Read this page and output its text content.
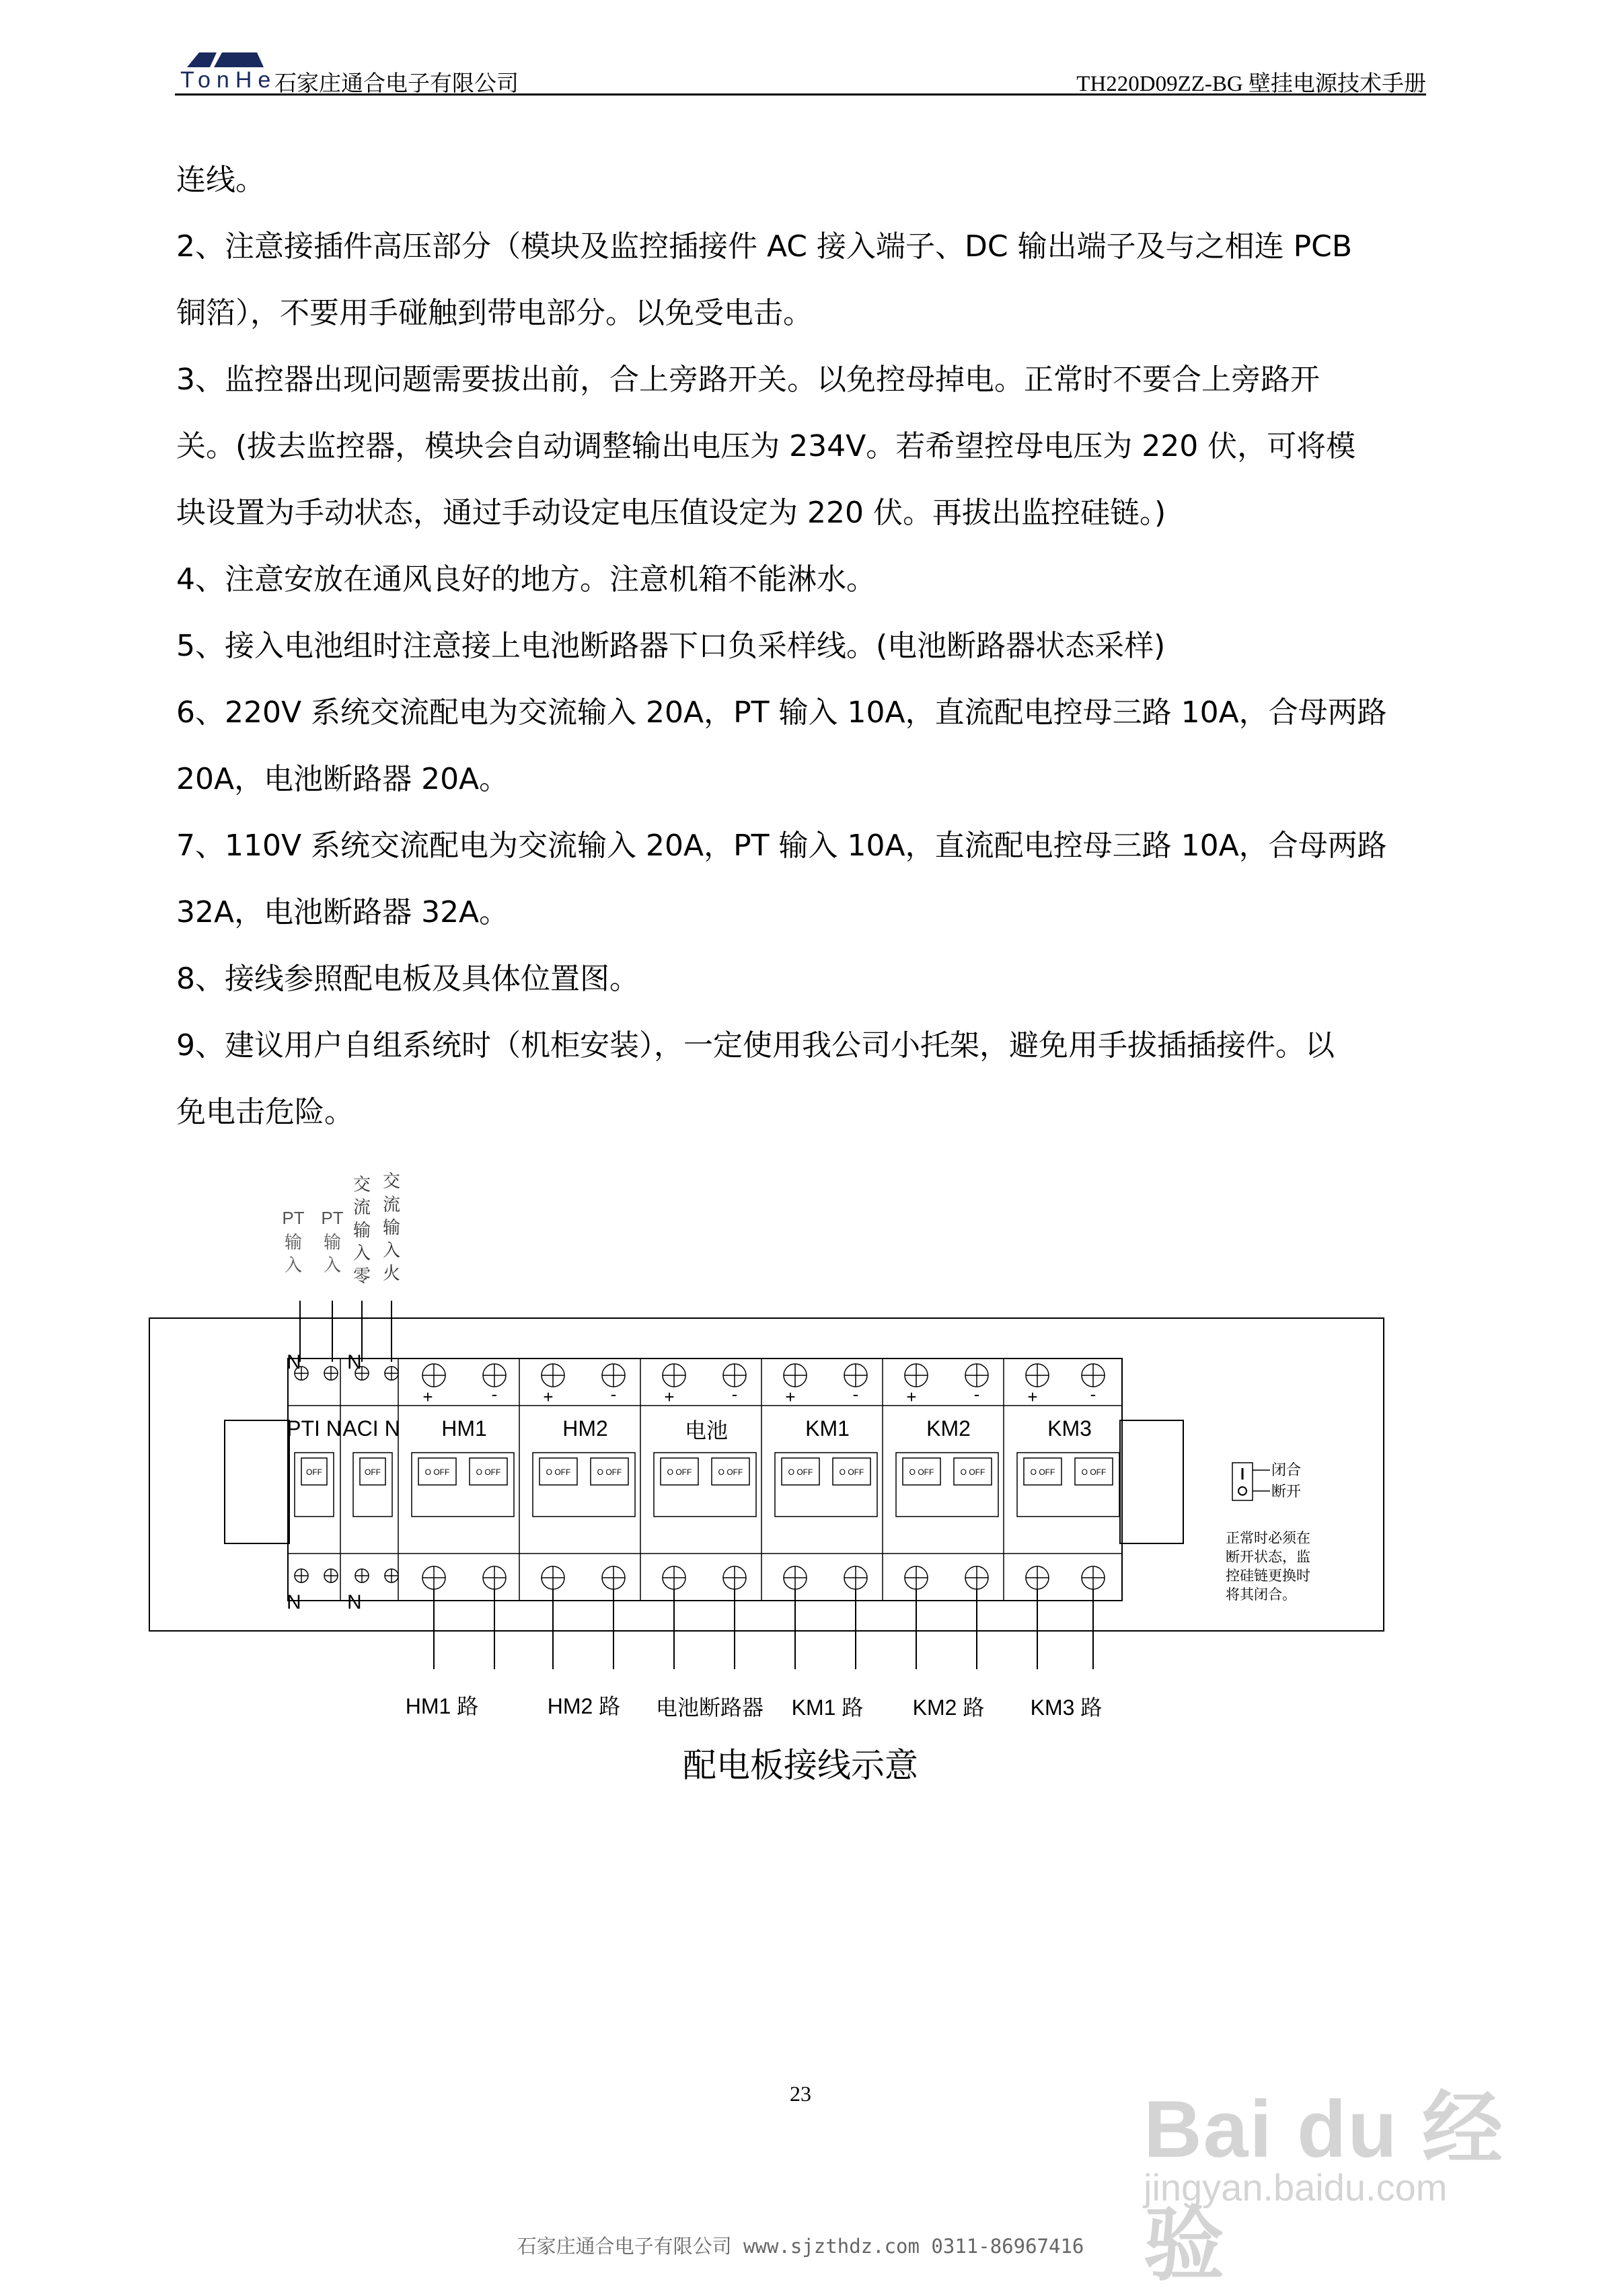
TonHe
石家庄通合电子有限公司	TH220D09ZZ-BG 壁挂电源技术手册

连线。

2、注意接插件高压部分（模块及监控插接件 AC 接入端子、DC 输出端子及与之相连 PCB

铜箔），不要用手碰触到带电部分。以免受电击。

3、监控器出现问题需要拔出前，合上旁路开关。以免控母掉电。正常时不要合上旁路开

关。(拔去监控器，模块会自动调整输出电压为 234V。若希望控母电压为 220 伏，可将模

块设置为手动状态，通过手动设定电压值设定为 220 伏。再拔出监控硅链。)

4、注意安放在通风良好的地方。注意机箱不能淋水。

5、接入电池组时注意接上电池断路器下口负采样线。(电池断路器状态采样)

6、220V 系统交流配电为交流输入 20A，PT 输入 10A，直流配电控母三路 10A，合母两路

20A，电池断路器 20A。

7、110V 系统交流配电为交流输入 20A，PT 输入 10A，直流配电控母三路 10A，合母两路

32A，电池断路器 32A。

8、接线参照配电板及具体位置图。

9、建议用户自组系统时（机柜安装），一定使用我公司小托架，避免用手拔插插接件。以

免电击危险。

PT
输
入
PT
输
入
交
流
输
入
零
交
流
输
入
火
N N
N N
+	-	+	-	+	-	+	-	+	-	+	-
PTI N ACI N HM1	HM2	电池	KM1	KM2	KM3
OFF	OFF	O OFF	O OFF	O OFF	O OFF	O OFF	O OFF	O OFF	O OFF	O OFF	O OFF	O OFF	O OFF
HM1 路	HM2 路 电池断路器 KM1 路 KM2 路 KM3 路
闭合
断开
正常时必须在
断开状态，监
控硅链更换时
将其闭合。
配电板接线示意
23
石家庄通合电子有限公司 www.sjzthdz.com 0311-86967416
Bai du 经验
jingyan.baidu.com
